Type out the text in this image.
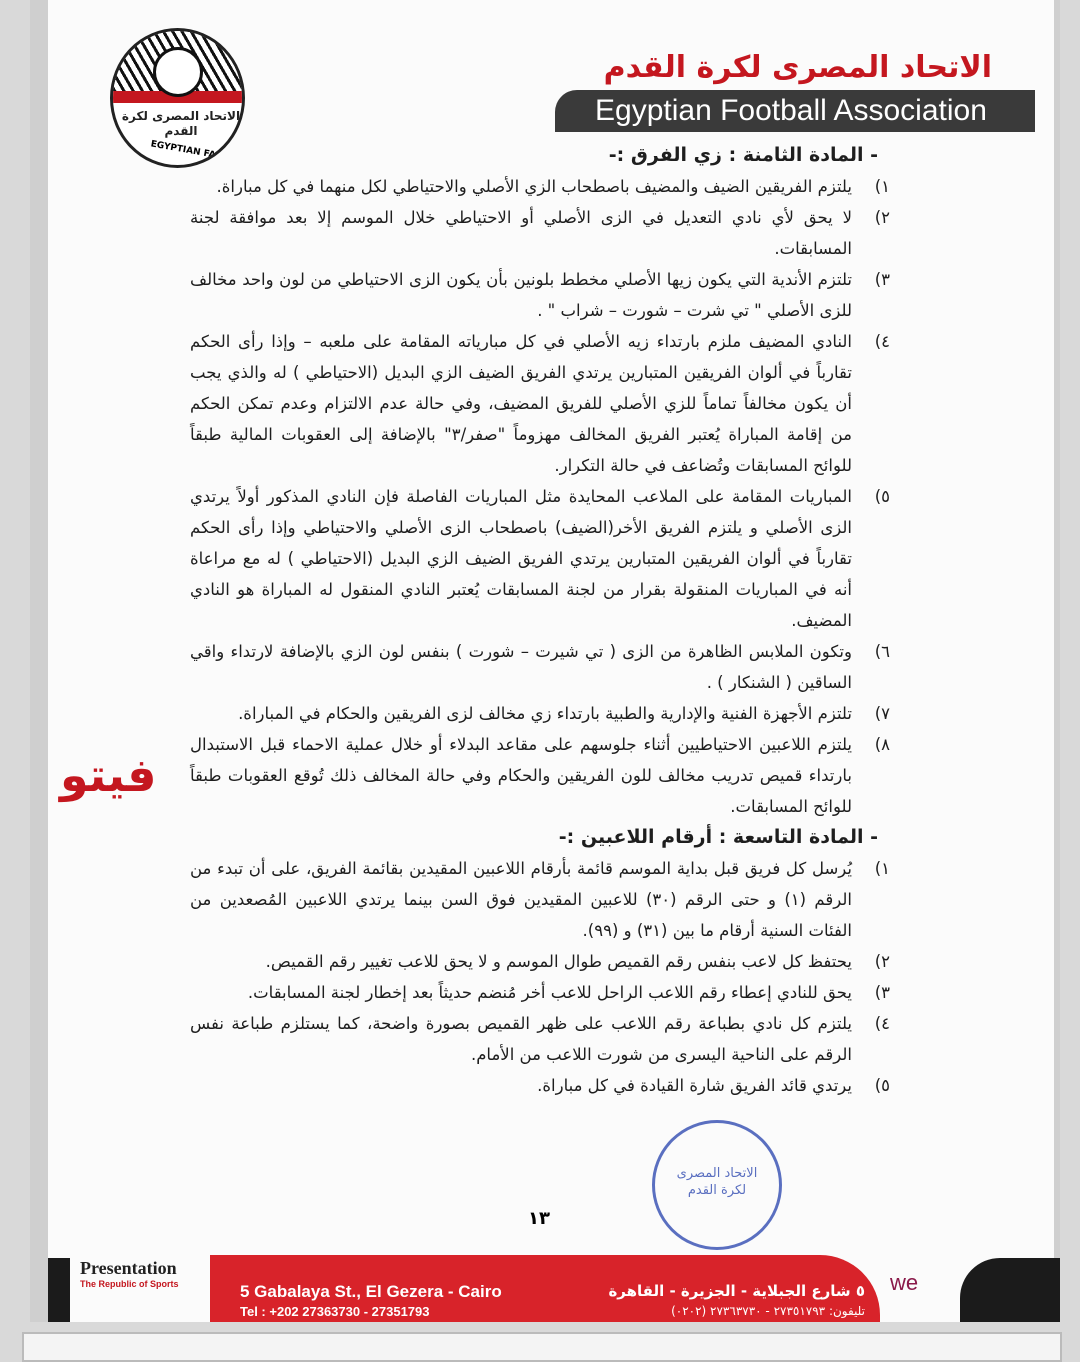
الاتحاد المصرى لكرة القدم
EGYPTIAN FA
الاتحاد المصرى لكرة القدم
Egyptian Football Association
- المادة الثامنة : زي الفرق :-
١)
يلتزم الفريقين الضيف والمضيف باصطحاب الزي الأصلي والاحتياطي لكل منهما في كل مباراة.
٢)
لا يحق لأي نادي التعديل في الزى الأصلي أو الاحتياطي خلال الموسم إلا بعد موافقة لجنة المسابقات.
٣)
تلتزم الأندية التي يكون زيها الأصلي مخطط بلونين بأن يكون الزى الاحتياطي من لون واحد مخالف للزى الأصلي " تي شرت – شورت – شراب " .
٤)
النادي المضيف ملزم بارتداء زيه الأصلي في كل مبارياته المقامة على ملعبه – وإذا رأى الحكم تقارباً في ألوان الفريقين المتبارين يرتدي الفريق الضيف الزي البديل (الاحتياطي ) له والذي يجب أن يكون مخالفاً تماماً للزي الأصلي للفريق المضيف، وفي حالة عدم الالتزام وعدم تمكن الحكم من إقامة المباراة يُعتبر الفريق المخالف مهزوماً "صفر/٣" بالإضافة إلى العقوبات المالية طبقاً للوائح المسابقات وتُضاعف في حالة التكرار.
٥)
المباريات المقامة على الملاعب المحايدة مثل المباريات الفاصلة فإن النادي المذكور أولاً يرتدي الزى الأصلي و يلتزم الفريق الأخر(الضيف) باصطحاب الزى الأصلي والاحتياطي وإذا رأى الحكم تقارباً في ألوان الفريقين المتبارين يرتدي الفريق الضيف الزي البديل (الاحتياطي ) له مع مراعاة أنه في المباريات المنقولة بقرار من لجنة المسابقات يُعتبر النادي المنقول له المباراة هو النادي المضيف.
٦)
وتكون الملابس الظاهرة من الزى ( تي شيرت – شورت ) بنفس لون الزي بالإضافة لارتداء واقي الساقين ( الشنكار ) .
٧)
تلتزم الأجهزة الفنية والإدارية والطبية بارتداء زي مخالف لزى الفريقين والحكام في المباراة.
٨)
يلتزم اللاعبين الاحتياطيين أثناء جلوسهم على مقاعد البدلاء أو خلال عملية الاحماء قبل الاستبدال بارتداء قميص تدريب مخالف للون الفريقين والحكام وفي حالة المخالف ذلك تُوقع العقوبات طبقاً للوائح المسابقات.
- المادة التاسعة : أرقام اللاعبين :-
١)
يُرسل كل فريق قبل بداية الموسم قائمة بأرقام اللاعبين المقيدين بقائمة الفريق، على أن تبدء من الرقم (١) و حتى الرقم (٣٠) للاعبين المقيدين فوق السن بينما يرتدي اللاعبين المُصعدين من الفئات السنية أرقام ما بين (٣١) و (٩٩).
٢)
يحتفظ كل لاعب بنفس رقم القميص طوال الموسم و لا يحق للاعب تغيير رقم القميص.
٣)
يحق للنادي إعطاء رقم اللاعب الراحل للاعب أخر مُنضم حديثاً بعد إخطار لجنة المسابقات.
٤)
يلتزم كل نادي بطباعة رقم اللاعب على ظهر القميص بصورة واضحة، كما يستلزم طباعة نفس الرقم على الناحية اليسرى من شورت اللاعب من الأمام.
٥)
يرتدي قائد الفريق شارة القيادة في كل مباراة.
فيتو
الاتحاد المصرى لكرة القدم
١٣
Presentation
The Republic of Sports	5 Gabalaya St., El Gezera - Cairo
Tel : +202 27363730 - 27351793
٥ شارع الجبلاية - الجزيرة - القاهرة
تليفون: ٢٧٣٥١٧٩٣ - ٢٧٣٦٣٧٣٠ (٠٢٠٢)
we
